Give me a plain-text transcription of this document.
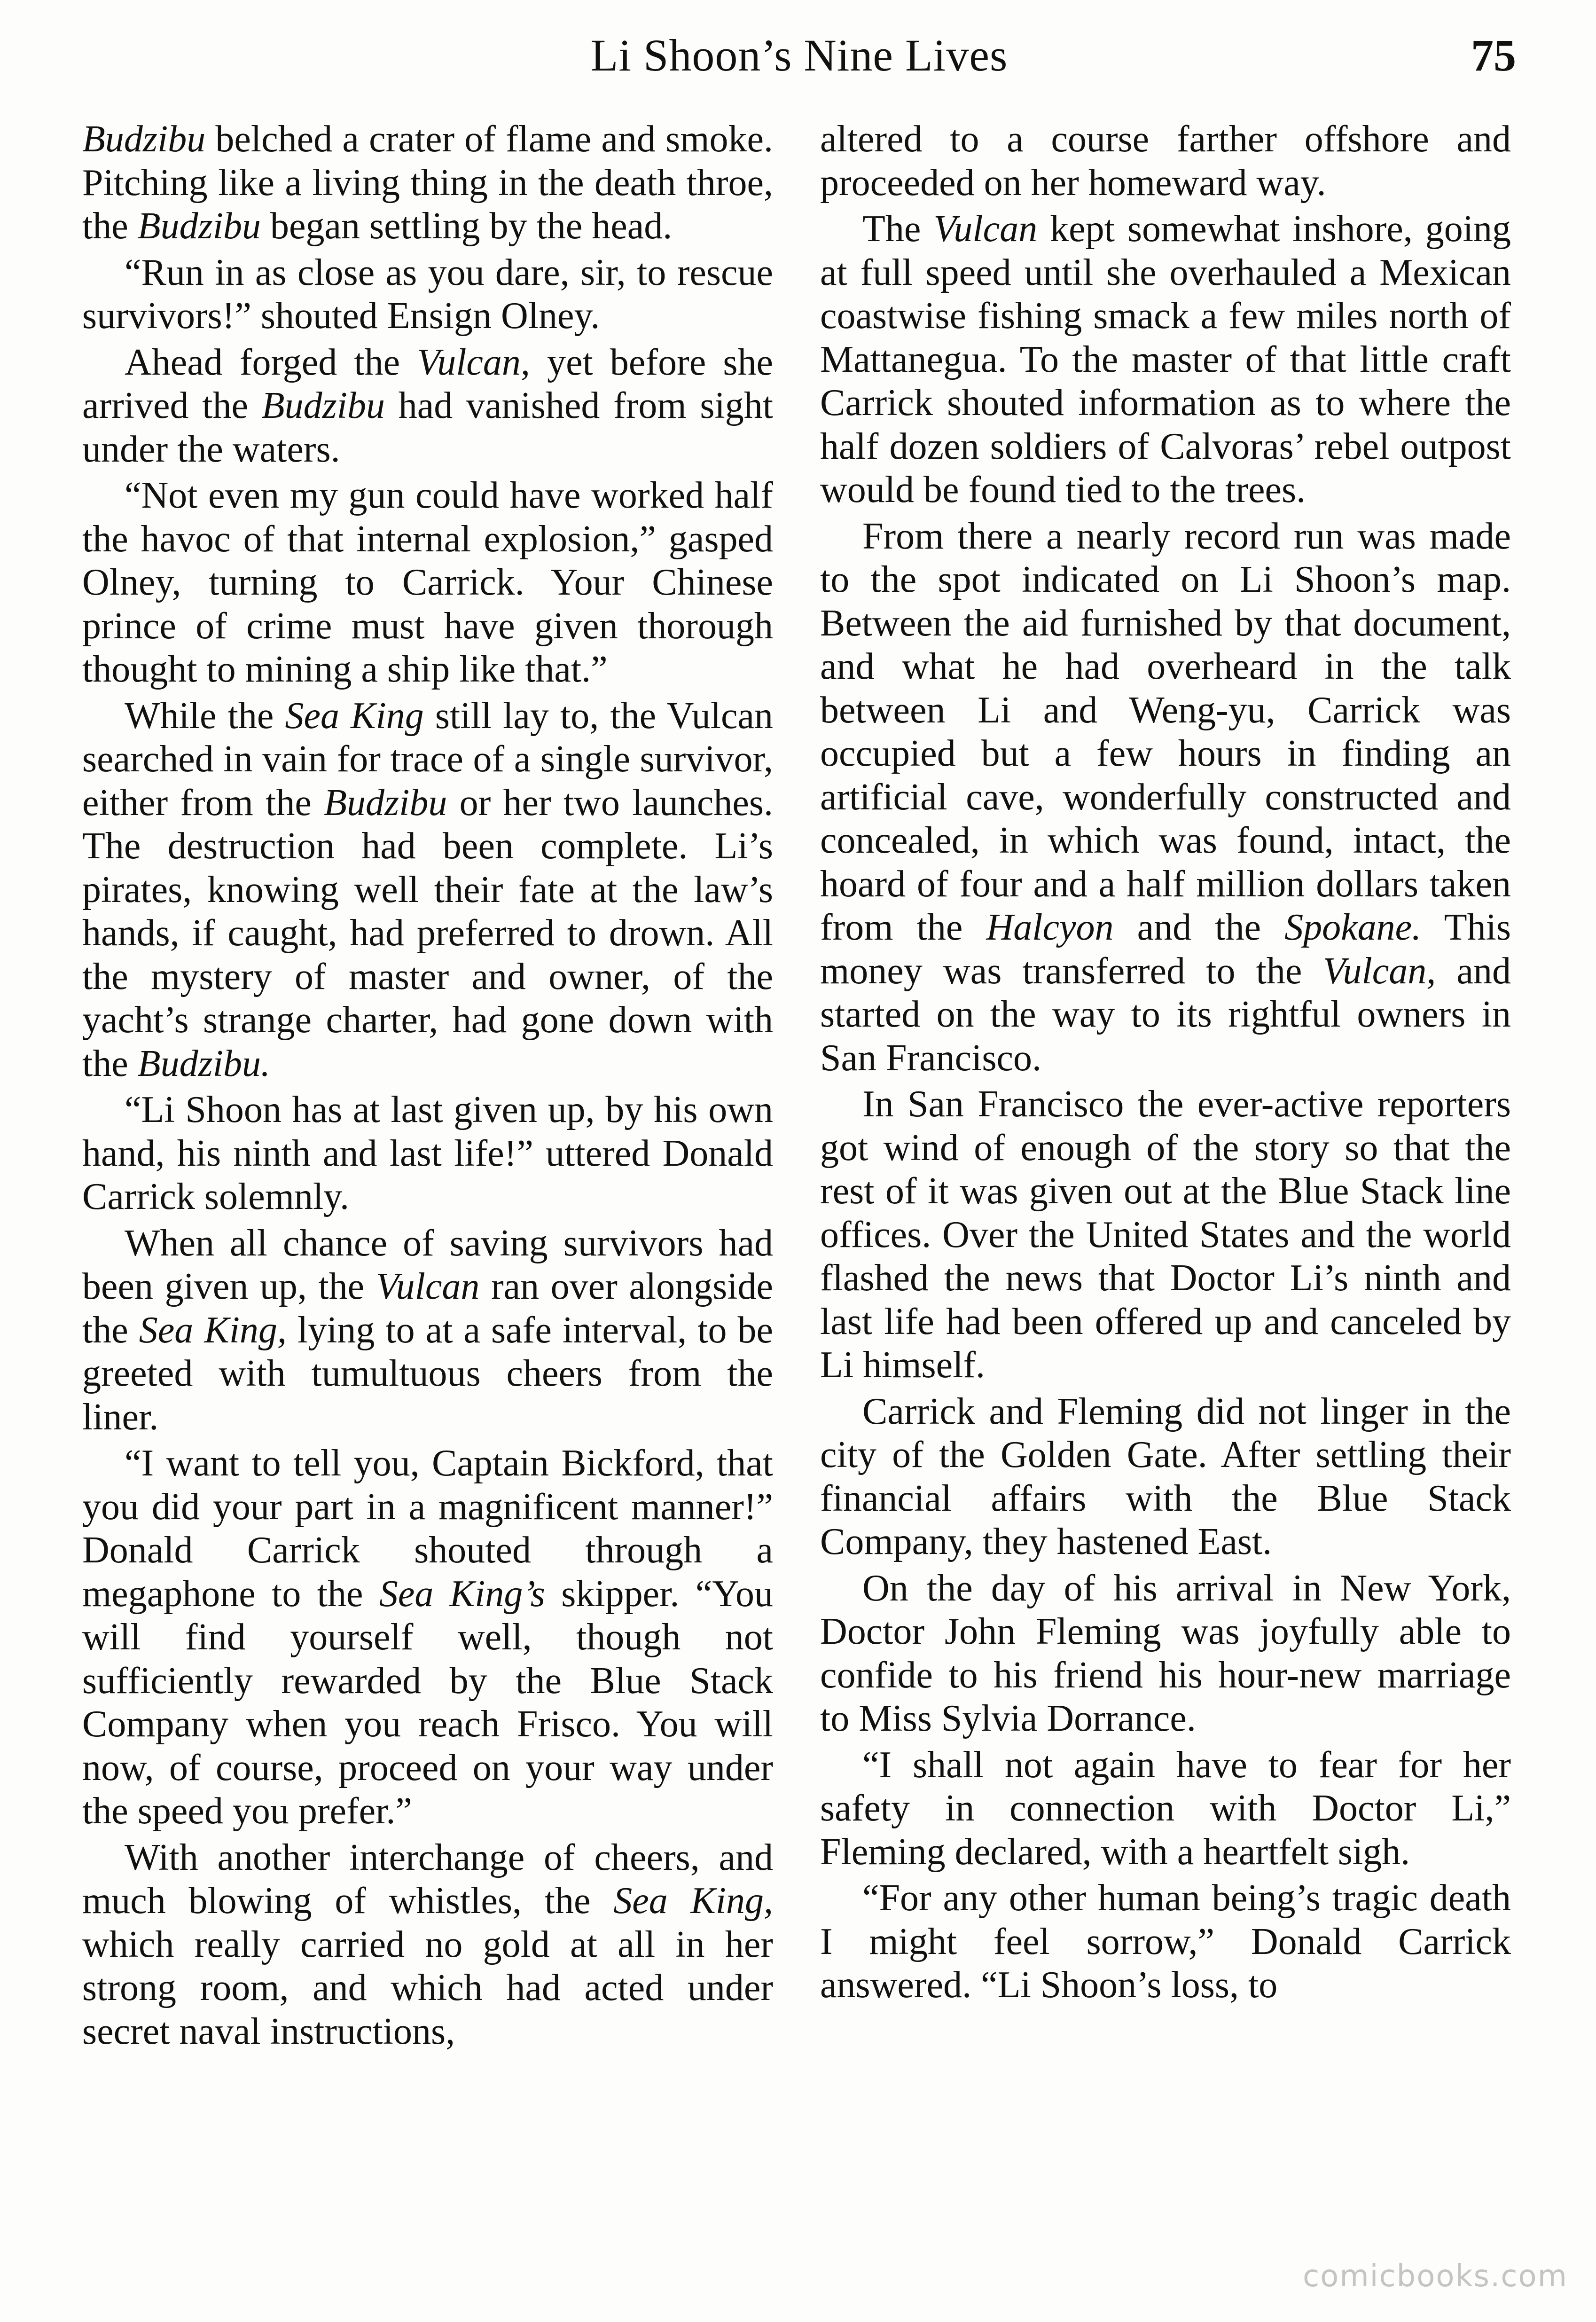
Li Shoon’s Nine Lives	75

Budzibu belched a crater of flame and smoke. Pitching like a living thing in the death throe, the Budzibu began settling by the head.

“Run in as close as you dare, sir, to rescue survivors!” shouted Ensign Olney.

Ahead forged the Vulcan, yet before she arrived the Budzibu had vanished from sight under the waters.

“Not even my gun could have worked half the havoc of that internal explosion,” gasped Olney, turning to Carrick. Your Chinese prince of crime must have given thorough thought to mining a ship like that.”

While the Sea King still lay to, the Vulcan searched in vain for trace of a single survivor, either from the Budzibu or her two launches. The destruction had been complete. Li’s pirates, knowing well their fate at the law’s hands, if caught, had preferred to drown. All the mystery of master and owner, of the yacht’s strange charter, had gone down with the Budzibu.

“Li Shoon has at last given up, by his own hand, his ninth and last life!” uttered Donald Carrick solemnly.

When all chance of saving survivors had been given up, the Vulcan ran over alongside the Sea King, lying to at a safe interval, to be greeted with tumultuous cheers from the liner.

“I want to tell you, Captain Bickford, that you did your part in a magnificent manner!” Donald Carrick shouted through a megaphone to the Sea King’s skipper. “You will find yourself well, though not sufficiently rewarded by the Blue Stack Company when you reach Frisco. You will now, of course, proceed on your way under the speed you prefer.”

With another interchange of cheers, and much blowing of whistles, the Sea King, which really carried no gold at all in her strong room, and which had acted under secret naval instructions,

altered to a course farther offshore and proceeded on her homeward way.

The Vulcan kept somewhat inshore, going at full speed until she overhauled a Mexican coastwise fishing smack a few miles north of Mattanegua. To the master of that little craft Carrick shouted information as to where the half dozen soldiers of Calvoras’ rebel outpost would be found tied to the trees.

From there a nearly record run was made to the spot indicated on Li Shoon’s map. Between the aid furnished by that document, and what he had overheard in the talk between Li and Weng-yu, Carrick was occupied but a few hours in finding an artificial cave, wonderfully constructed and concealed, in which was found, intact, the hoard of four and a half million dollars taken from the Halcyon and the Spokane. This money was transferred to the Vulcan, and started on the way to its rightful owners in San Francisco.

In San Francisco the ever-active reporters got wind of enough of the story so that the rest of it was given out at the Blue Stack line offices. Over the United States and the world flashed the news that Doctor Li’s ninth and last life had been offered up and canceled by Li himself.

Carrick and Fleming did not linger in the city of the Golden Gate. After settling their financial affairs with the Blue Stack Company, they hastened East.

On the day of his arrival in New York, Doctor John Fleming was joyfully able to confide to his friend his hour-new marriage to Miss Sylvia Dorrance.

“I shall not again have to fear for her safety in connection with Doctor Li,” Fleming declared, with a heartfelt sigh.

“For any other human being’s tragic death I might feel sorrow,” Donald Carrick answered. “Li Shoon’s loss, to

comicbooks.com
